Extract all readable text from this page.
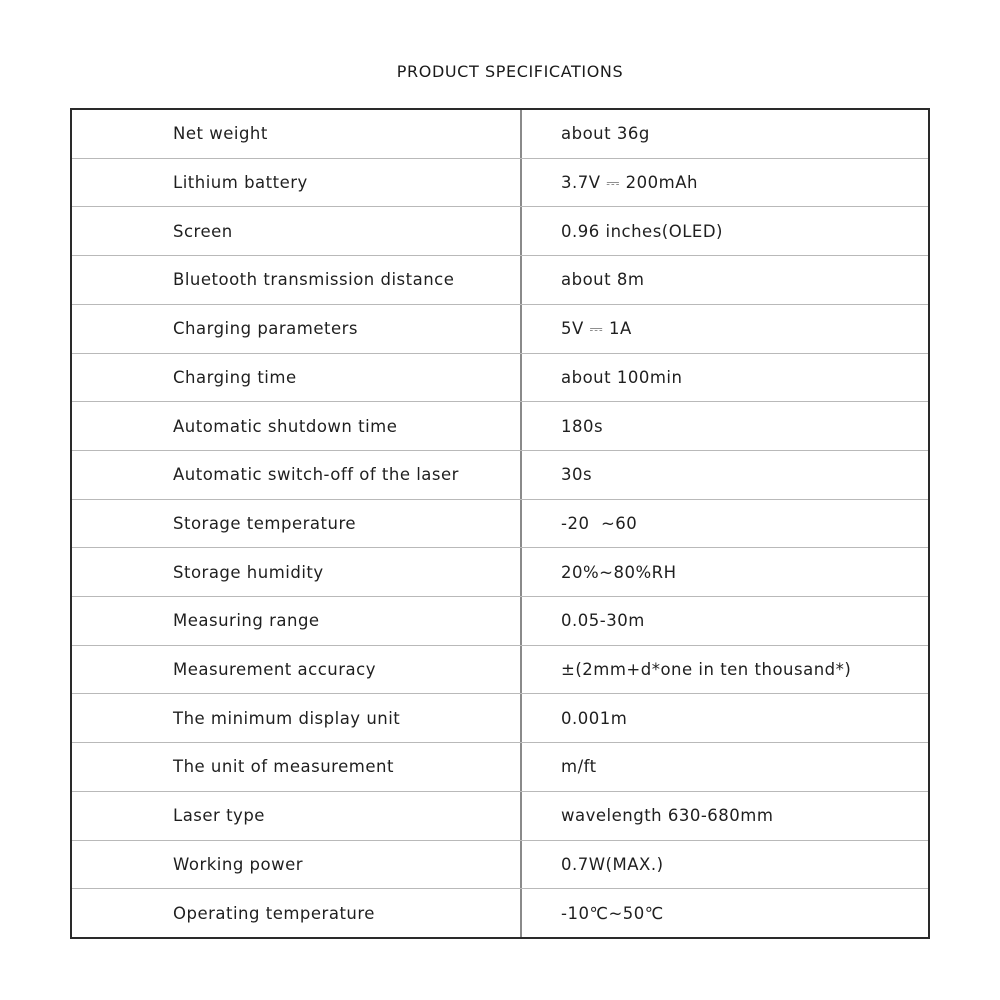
PRODUCT SPECIFICATIONS
Net weight	about 36g
Lithium battery	3.7V ⎓ 200mAh
Screen	0.96 inches(OLED)
Bluetooth transmission distance	about 8m
Charging parameters	5V ⎓ 1A
Charging time	about 100min
Automatic shutdown time	180s
Automatic switch-off of the laser	30s
Storage temperature	-20  ~60
Storage humidity	20%~80%RH
Measuring range	0.05-30m
Measurement accuracy	±(2mm+d*one in ten thousand*)
The minimum display unit	0.001m
The unit of measurement	m/ft
Laser type	wavelength 630-680mm
Working power	0.7W(MAX.)
Operating temperature	-10℃~50℃
